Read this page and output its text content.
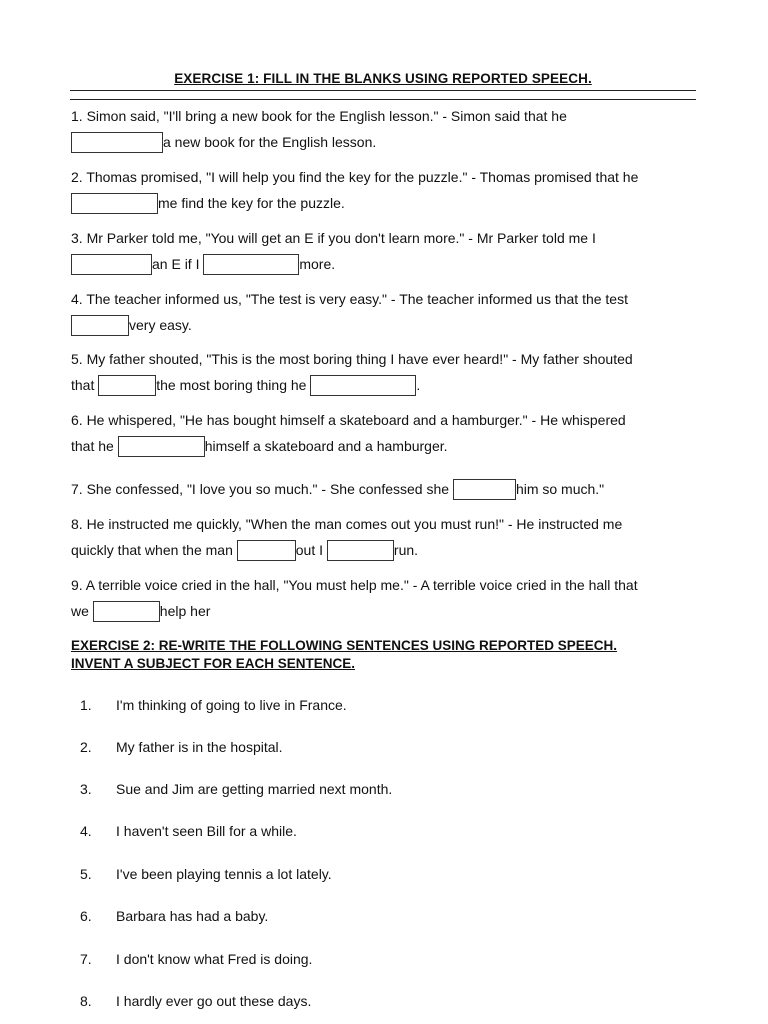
EXERCISE 1: FILL IN THE BLANKS USING REPORTED SPEECH.
1. Simon said, "I'll bring a new book for the English lesson." - Simon said that he
a new book for the English lesson.
2. Thomas promised, "I will help you find the key for the puzzle." - Thomas promised that he
me find the key for the puzzle.
3. Mr Parker told me, "You will get an E if you don't learn more." - Mr Parker told me I
an E if I	more.
4. The teacher informed us, "The test is very easy." - The teacher informed us that the test
very easy.
5. My father shouted, "This is the most boring thing I have ever heard!" - My father shouted
that	the most boring thing he	.
6. He whispered, "He has bought himself a skateboard and a hamburger." - He whispered
that he	himself a skateboard and a hamburger.
7. She confessed, "I love you so much." - She confessed she	him so much."
8. He instructed me quickly, "When the man comes out you must run!" - He instructed me
quickly that when the man	out I	run.
9. A terrible voice cried in the hall, "You must help me." - A terrible voice cried in the hall that
we	help her
EXERCISE 2: RE-WRITE THE FOLLOWING SENTENCES USING REPORTED SPEECH.
INVENT A SUBJECT FOR EACH SENTENCE.
1. I'm thinking of going to live in France.
2. My father is in the hospital.
3. Sue and Jim are getting married next month.
4. I haven't seen Bill for a while.
5. I've been playing tennis a lot lately.
6. Barbara has had a baby.
7. I don't know what Fred is doing.
8. I hardly ever go out these days.
